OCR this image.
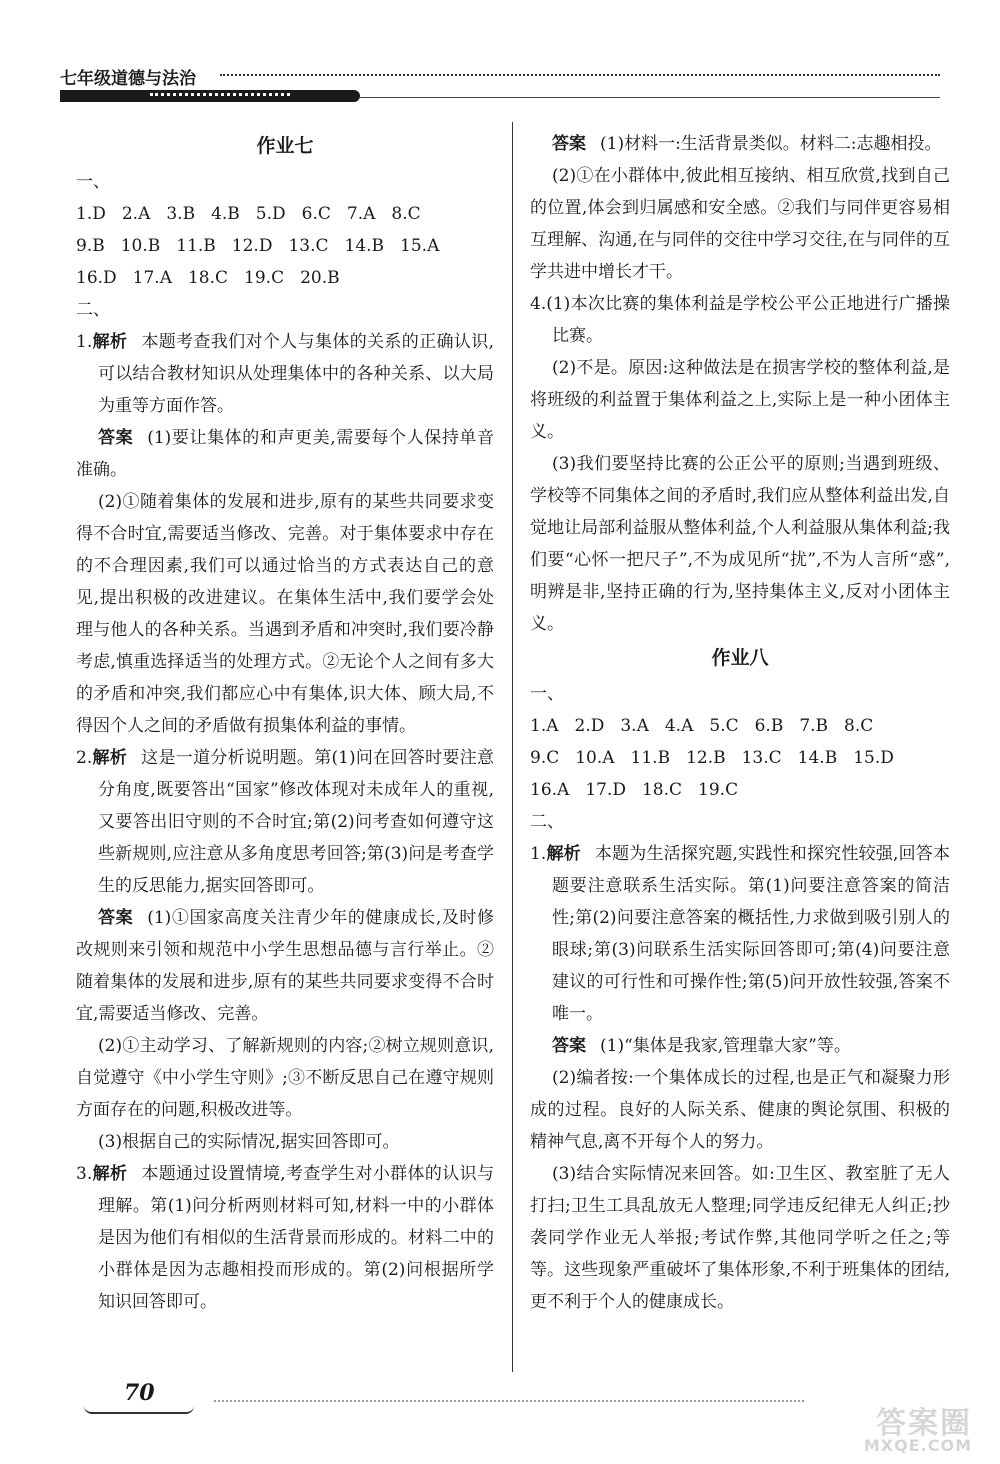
七年级道德与法治
作业七

一、

1.D 2.A 3.B 4.B 5.D 6.C 7.A 8.C
9.B 10.B 11.B 12.D 13.C 14.B 15.A
16.D 17.A 18.C 19.C 20.B

二、

1.解析 本题考查我们对个人与集体的关系的正确认识,可以结合教材知识从处理集体中的各种关系、以大局为重等方面作答。

答案 (1)要让集体的和声更美,需要每个人保持单音准确。

(2)①随着集体的发展和进步,原有的某些共同要求变得不合时宜,需要适当修改、完善。对于集体要求中存在的不合理因素,我们可以通过恰当的方式表达自己的意见,提出积极的改进建议。在集体生活中,我们要学会处理与他人的各种关系。当遇到矛盾和冲突时,我们要冷静考虑,慎重选择适当的处理方式。②无论个人之间有多大的矛盾和冲突,我们都应心中有集体,识大体、顾大局,不得因个人之间的矛盾做有损集体利益的事情。

2.解析 这是一道分析说明题。第(1)问在回答时要注意分角度,既要答出“国家”修改体现对未成年人的重视,又要答出旧守则的不合时宜;第(2)问考查如何遵守这些新规则,应注意从多角度思考回答;第(3)问是考查学生的反思能力,据实回答即可。

答案 (1)①国家高度关注青少年的健康成长,及时修改规则来引领和规范中小学生思想品德与言行举止。②随着集体的发展和进步,原有的某些共同要求变得不合时宜,需要适当修改、完善。

(2)①主动学习、了解新规则的内容;②树立规则意识,自觉遵守《中小学生守则》;③不断反思自己在遵守规则方面存在的问题,积极改进等。

(3)根据自己的实际情况,据实回答即可。

3.解析 本题通过设置情境,考查学生对小群体的认识与理解。第(1)问分析两则材料可知,材料一中的小群体是因为他们有相似的生活背景而形成的。材料二中的小群体是因为志趣相投而形成的。第(2)问根据所学知识回答即可。

答案 (1)材料一:生活背景类似。材料二:志趣相投。

(2)①在小群体中,彼此相互接纳、相互欣赏,找到自己的位置,体会到归属感和安全感。②我们与同伴更容易相互理解、沟通,在与同伴的交往中学习交往,在与同伴的互学共进中增长才干。

4.(1)本次比赛的集体利益是学校公平公正地进行广播操比赛。

(2)不是。原因:这种做法是在损害学校的整体利益,是将班级的利益置于集体利益之上,实际上是一种小团体主义。

(3)我们要坚持比赛的公正公平的原则;当遇到班级、学校等不同集体之间的矛盾时,我们应从整体利益出发,自觉地让局部利益服从整体利益,个人利益服从集体利益;我们要“心怀一把尺子”,不为成见所“扰”,不为人言所“惑”,明辨是非,坚持正确的行为,坚持集体主义,反对小团体主义。

作业八

一、

1.A 2.D 3.A 4.A 5.C 6.B 7.B 8.C
9.C 10.A 11.B 12.B 13.C 14.B 15.D
16.A 17.D 18.C 19.C

二、

1.解析 本题为生活探究题,实践性和探究性较强,回答本题要注意联系生活实际。第(1)问要注意答案的简洁性;第(2)问要注意答案的概括性,力求做到吸引别人的眼球;第(3)问联系生活实际回答即可;第(4)问要注意建议的可行性和可操作性;第(5)问开放性较强,答案不唯一。

答案 (1)“集体是我家,管理靠大家”等。

(2)编者按:一个集体成长的过程,也是正气和凝聚力形成的过程。良好的人际关系、健康的舆论氛围、积极的精神气息,离不开每个人的努力。

(3)结合实际情况来回答。如:卫生区、教室脏了无人打扫;卫生工具乱放无人整理;同学违反纪律无人纠正;抄袭同学作业无人举报;考试作弊,其他同学听之任之;等等。这些现象严重破坏了集体形象,不利于班集体的团结,更不利于个人的健康成长。

70
答案圈
MXQE.COM
